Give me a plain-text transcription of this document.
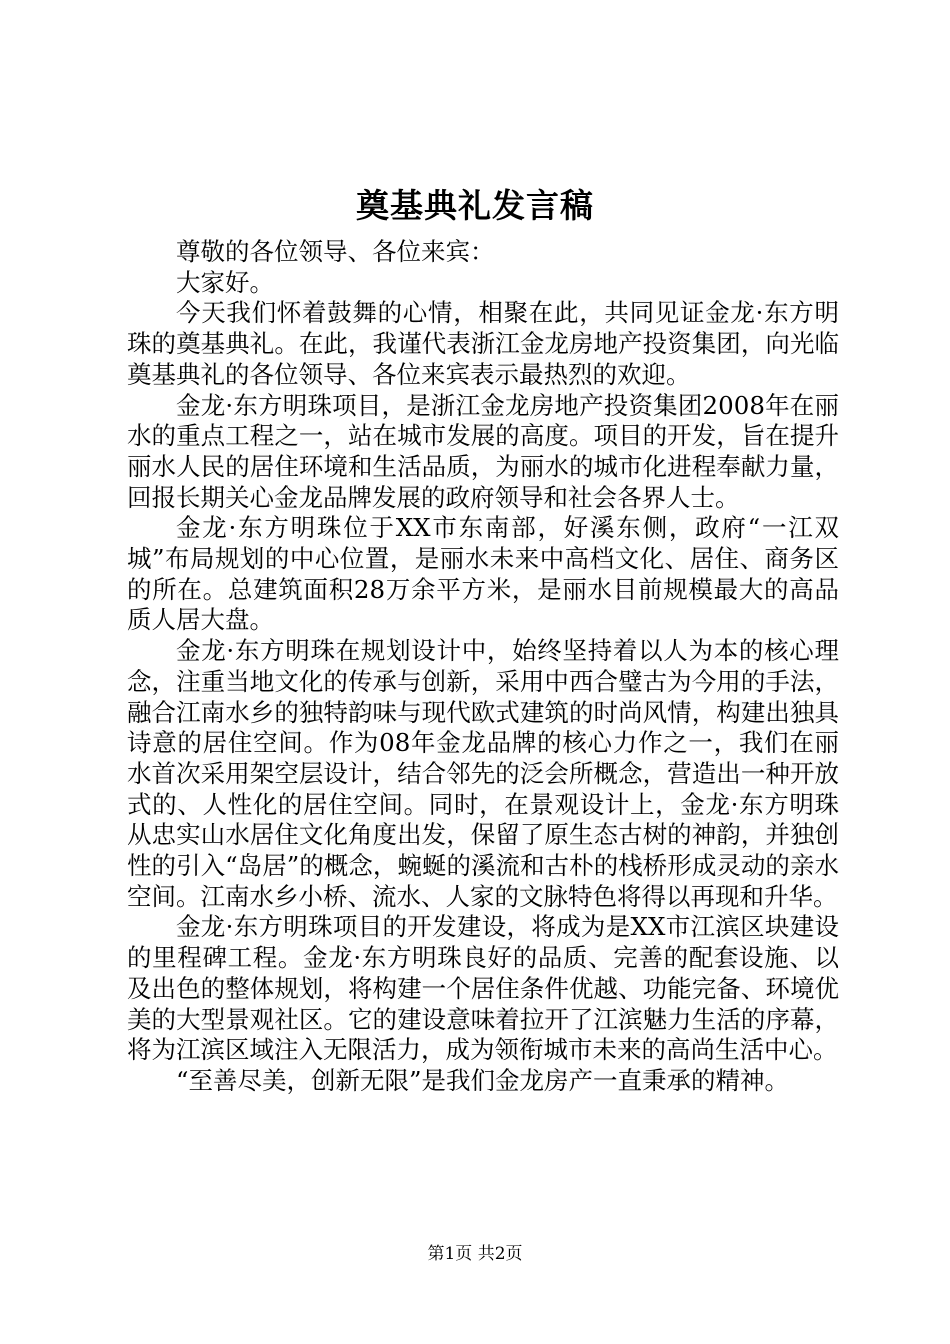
奠基典礼发言稿

尊敬的各位领导、各位来宾：

大家好。

今天我们怀着鼓舞的心情，相聚在此，共同见证金龙·东方明珠的奠基典礼。在此，我谨代表浙江金龙房地产投资集团，向光临奠基典礼的各位领导、各位来宾表示最热烈的欢迎。

金龙·东方明珠项目，是浙江金龙房地产投资集团2008年在丽水的重点工程之一，站在城市发展的高度。项目的开发，旨在提升丽水人民的居住环境和生活品质，为丽水的城市化进程奉献力量，回报长期关心金龙品牌发展的政府领导和社会各界人士。

金龙·东方明珠位于XX市东南部，好溪东侧，政府“一江双城”布局规划的中心位置，是丽水未来中高档文化、居住、商务区的所在。总建筑面积28万余平方米，是丽水目前规模最大的高品质人居大盘。

金龙·东方明珠在规划设计中，始终坚持着以人为本的核心理念，注重当地文化的传承与创新，采用中西合璧古为今用的手法，融合江南水乡的独特韵味与现代欧式建筑的时尚风情，构建出独具诗意的居住空间。作为08年金龙品牌的核心力作之一，我们在丽水首次采用架空层设计，结合邻先的泛会所概念，营造出一种开放式的、人性化的居住空间。同时，在景观设计上，金龙·东方明珠从忠实山水居住文化角度出发，保留了原生态古树的神韵，并独创性的引入“岛居”的概念，蜿蜒的溪流和古朴的栈桥形成灵动的亲水空间。江南水乡小桥、流水、人家的文脉特色将得以再现和升华。

金龙·东方明珠项目的开发建设，将成为是XX市江滨区块建设的里程碑工程。金龙·东方明珠良好的品质、完善的配套设施、以及出色的整体规划，将构建一个居住条件优越、功能完备、环境优美的大型景观社区。它的建设意味着拉开了江滨魅力生活的序幕，将为江滨区域注入无限活力，成为领衔城市未来的高尚生活中心。

“至善尽美，创新无限”是我们金龙房产一直秉承的精神。

第1页 共2页
